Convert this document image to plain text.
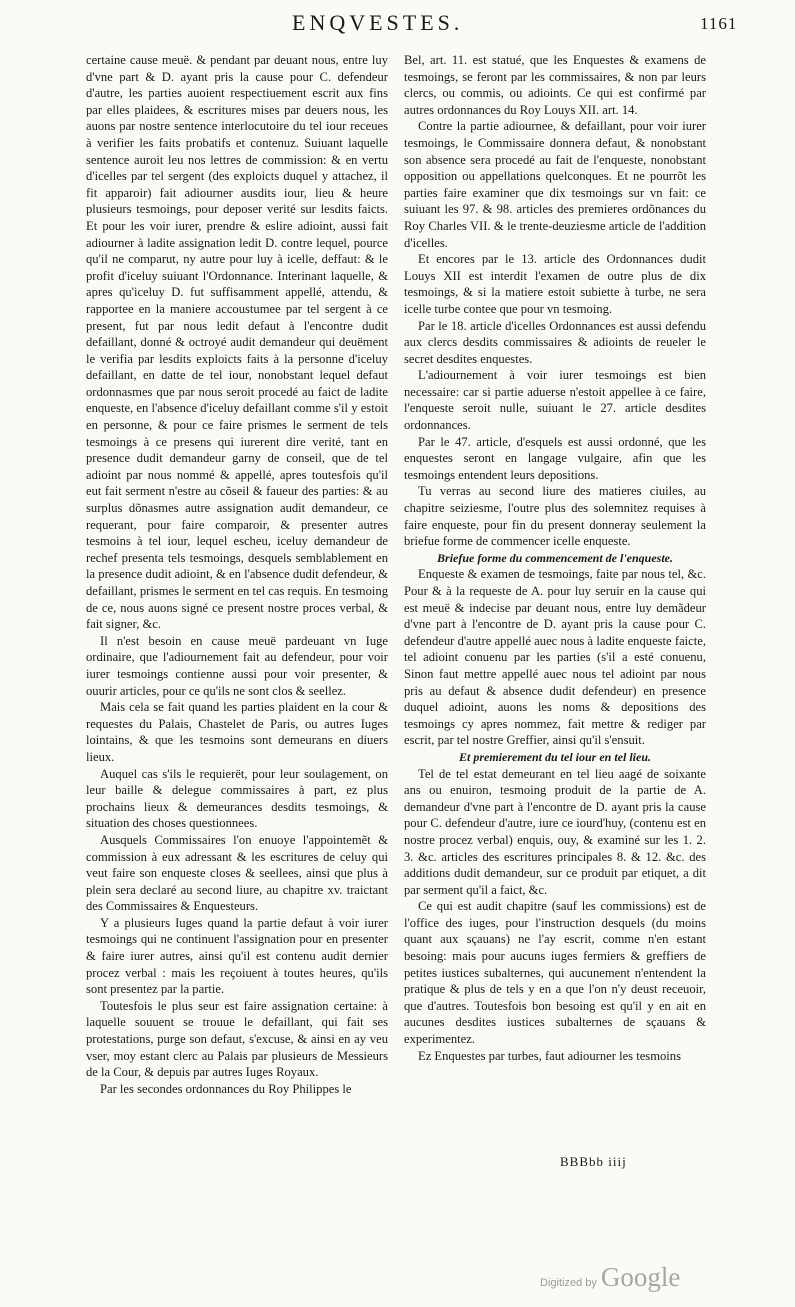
ENQVESTES.	1161

certaine cause meuë. & pendant par deuant nous, entre luy d'vne part & D. ayant pris la cause pour C. defendeur d'autre, les parties auoient respectiuement escrit aux fins par elles plaidees, & escritures mises par deuers nous, les auons par nostre sentence interlocutoire du tel iour receues à verifier les faits probatifs et contenuz. Suiuant laquelle sentence auroit leu nos lettres de commission: & en vertu d'icelles par tel sergent (des exploicts duquel y attachez, il fit apparoir) fait adiourner ausdits iour, lieu & heure plusieurs tesmoings, pour deposer verité sur lesdits faicts. Et pour les voir iurer, prendre & eslire adioint, aussi fait adiourner à ladite assignation ledit D. contre lequel, pource qu'il ne comparut, ny autre pour luy à icelle, deffaut: & le profit d'iceluy suiuant l'Ordonnance. Interinant laquelle, & apres qu'iceluy D. fut suffisamment appellé, attendu, & rapportee en la maniere accoustumee par tel sergent à ce present, fut par nous ledit defaut à l'encontre dudit defaillant, donné & octroyé audit demandeur qui deuëment le verifia par lesdits exploicts faits à la personne d'iceluy defaillant, en datte de tel iour, nonobstant lequel defaut ordonnasmes que par nous seroit procedé au faict de ladite enqueste, en l'absence d'iceluy defaillant comme s'il y estoit en personne, & pour ce faire prismes le serment de tels tesmoings à ce presens qui iurerent dire verité, tant en presence dudit demandeur garny de conseil, que de tel adioint par nous nommé & appellé, apres toutesfois qu'il eut fait serment n'estre au cõseil & faueur des parties: & au surplus dõnasmes autre assignation audit demandeur, ce requerant, pour faire comparoir, & presenter autres tesmoins à tel iour, lequel escheu, iceluy demandeur de rechef presenta tels tesmoings, desquels semblablement en la presence dudit adioint, & en l'absence dudit defendeur, & defaillant, prismes le serment en tel cas requis. En tesmoing de ce, nous auons signé ce present nostre proces verbal, & fait signer, &c.

Il n'est besoin en cause meuë pardeuant vn Iuge ordinaire, que l'adiournement fait au defendeur, pour voir iurer tesmoings contienne aussi pour voir presenter, & ouurir articles, pour ce qu'ils ne sont clos & seellez.

Mais cela se fait quand les parties plaident en la cour & requestes du Palais, Chastelet de Paris, ou autres Iuges lointains, & que les tesmoins sont demeurans en diuers lieux.

Auquel cas s'ils le requierët, pour leur soulagement, on leur baille & delegue commissaires à part, ez plus prochains lieux & demeurances desdits tesmoings, & situation des choses questionnees.

Ausquels Commissaires l'on enuoye l'appointemẽt & commission à eux adressant & les escritures de celuy qui veut faire son enqueste closes & seellees, ainsi que plus à plein sera declaré au second liure, au chapitre xv. traictant des Commissaires & Enquesteurs.

Y a plusieurs Iuges quand la partie defaut à voir iurer tesmoings qui ne continuent l'assignation pour en presenter & faire iurer autres, ainsi qu'il est contenu audit dernier procez verbal : mais les reçoiuent à toutes heures, qu'ils sont presentez par la partie.

Toutesfois le plus seur est faire assignation certaine: à laquelle souuent se trouue le defaillant, qui fait ses protestations, purge son defaut, s'excuse, & ainsi en ay veu vser, moy estant clerc au Palais par plusieurs de Messieurs de la Cour, & depuis par autres Iuges Royaux.

Par les secondes ordonnances du Roy Philippes le

Bel, art. 11. est statué, que les Enquestes & examens de tesmoings, se feront par les commissaires, & non par leurs clercs, ou commis, ou adioints. Ce qui est confirmé par autres ordonnances du Roy Louys XII. art. 14.

Contre la partie adiournee, & defaillant, pour voir iurer tesmoings, le Commissaire donnera defaut, & nonobstant son absence sera procedé au fait de l'enqueste, nonobstant opposition ou appellations quelconques. Et ne pourrõt les parties faire examiner que dix tesmoings sur vn fait: ce suiuant les 97. & 98. articles des premieres ordõnances du Roy Charles VII. & le trente-deuziesme article de l'addition d'icelles.

Et encores par le 13. article des Ordonnances dudit Louys XII est interdit l'examen de outre plus de dix tesmoings, & si la matiere estoit subiette à turbe, ne sera icelle turbe contee que pour vn tesmoing.

Par le 18. article d'icelles Ordonnances est aussi defendu aux clercs desdits commissaires & adioints de reueler le secret desdites enquestes.

L'adiournement à voir iurer tesmoings est bien necessaire: car si partie aduerse n'estoit appellee à ce faire, l'enqueste seroit nulle, suiuant le 27. article desdites ordonnances.

Par le 47. article, d'esquels est aussi ordonné, que les enquestes seront en langage vulgaire, afin que les tesmoings entendent leurs depositions.

Tu verras au second liure des matieres ciuiles, au chapitre seiziesme, l'outre plus des solemnitez requises à faire enqueste, pour fin du present donneray seulement la briefue forme de commencer icelle enqueste.

Briefue forme du commencement de l'enqueste.

Enqueste & examen de tesmoings, faite par nous tel, &c. Pour & à la requeste de A. pour luy seruir en la cause qui est meuë & indecise par deuant nous, entre luy demãdeur d'vne part à l'encontre de D. ayant pris la cause pour C. defendeur d'autre appellé auec nous à ladite enqueste faicte, tel adioint conuenu par les parties (s'il a esté conuenu, Sinon faut mettre appellé auec nous tel adioint par nous pris au defaut & absence dudit defendeur) en presence duquel adioint, auons les noms & depositions des tesmoings cy apres nommez, fait mettre & rediger par escrit, par tel nostre Greffier, ainsi qu'il s'ensuit.

Et premierement du tel iour en tel lieu.

Tel de tel estat demeurant en tel lieu aagé de soixante ans ou enuiron, tesmoing produit de la partie de A. demandeur d'vne part à l'encontre de D. ayant pris la cause pour C. defendeur d'autre, iure ce iourd'huy, (contenu est en nostre procez verbal) enquis, ouy, & examiné sur les 1. 2. 3. &c. articles des escritures principales 8. & 12. &c. des additions dudit demandeur, sur ce produit par etiquet, a dit par serment qu'il a faict, &c.

Ce qui est audit chapitre (sauf les commissions) est de l'office des iuges, pour l'instruction desquels (du moins quant aux sçauans) ne l'ay escrit, comme n'en estant besoing: mais pour aucuns iuges fermiers & greffiers de petites iustices subalternes, qui aucunement n'entendent la pratique & plus de tels y en a que l'on n'y deust receuoir, que d'autres. Toutesfois bon besoing est qu'il y en ait en aucunes desdites iustices subalternes de sçauans & experimentez.

Ez Enquestes par turbes, faut adiourner les tesmoins

BBBbb iiij
Digitized by Google
